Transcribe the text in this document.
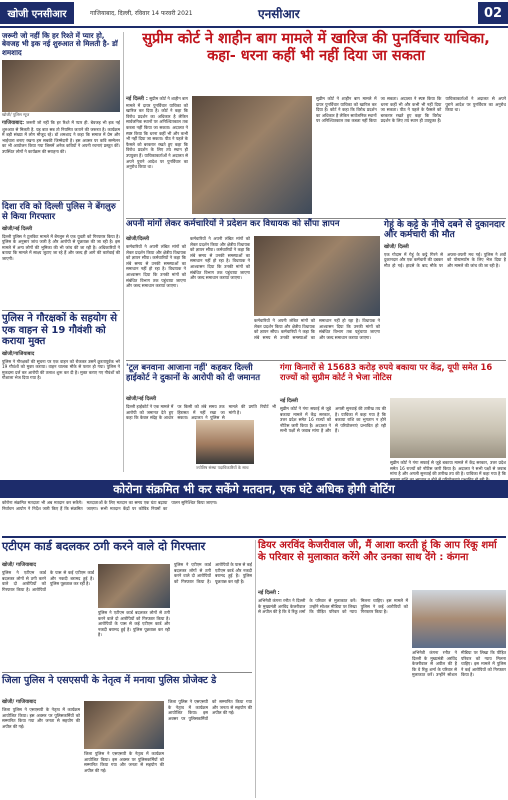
खोजी एनसीआर	गाजियाबाद, दिल्ली, रविवार 14 फरवरी 2021	एनसीआर	02
जरूरी जो नहीं कि हर रिश्ते में प्यार हो, बेवजह भी इक नई शुरुआत से मिलती है- डॉ शमशाद
खोजी/ पुलिस न्यूज
गाजियाबाद: जरूरी जो नहीं कि हर रिश्ते में प्यार ही. बेवजह भी इक नई शुरुआत से मिलती है. यह बात सब तो नियमित जताने की जरूरत है। कार्यक्रम में बड़ी संख्या में लोग मौजूद रहे। डॉ शमशाद ने कहा कि समाज में प्रेम और भाईचारा बनाए रखना हम सबकी जिम्मेदारी है। इस अवसर पर कवि सम्मेलन का भी आयोजन किया गया जिसमें अनेक कवियों ने अपनी रचनाएं प्रस्तुत कीं। उपस्थित लोगों ने कार्यक्रम की सराहना की।
दिशा रवि को दिल्ली पुलिस ने बेंगलुरु से किया गिरफ्तार
खोजी/नई दिल्ली
दिल्ली पुलिस ने टूलकिट मामले में बेंगलुरु से एक युवती को गिरफ्तार किया है। पुलिस के अनुसार जांच जारी है और आरोपी से पूछताछ की जा रही है। इस मामले में अन्य लोगों की भूमिका की भी जांच की जा रही है। अधिकारियों ने बताया कि मामले में साक्ष्य जुटाए जा रहे हैं और जल्द ही आगे की कार्रवाई की जाएगी।
पुलिस ने गौरक्षकों के सहयोग से एक वाहन से 19 गौवंशी को कराया मुक्त
खोजी/गाजियाबाद
पुलिस ने गौरक्षकों की सूचना पर एक वाहन को रोककर उसमें क्रूरतापूर्वक भरे 19 गौवंशों को मुक्त कराया। वाहन चालक मौके से फरार हो गया। पुलिस ने मुकदमा दर्ज कर आरोपी की तलाश शुरू कर दी है। मुक्त कराए गए गौवंशों को गौशाला भेज दिया गया है।
सुप्रीम कोर्ट ने शाहीन बाग मामले में खारिज की पुनर्विचार याचिका, कहा- धरना कहीं भी नहीं दिया जा सकता
नई दिल्ली : सुप्रीम कोर्ट ने शाहीन बाग मामले में दायर पुनर्विचार याचिका को खारिज कर दिया है। कोर्ट ने कहा कि विरोध प्रदर्शन का अधिकार है लेकिन सार्वजनिक स्थानों पर अनिश्चितकाल तक कब्जा नहीं किया जा सकता। अदालत ने स्पष्ट किया कि धरना कहीं भी और कभी भी नहीं दिया जा सकता। पीठ ने पहले के फैसले को बरकरार रखते हुए कहा कि विरोध प्रदर्शन के लिए तय स्थान ही उपयुक्त हैं। याचिकाकर्ताओं ने अदालत से अपने पुराने आदेश पर पुनर्विचार का अनुरोध किया था।
सुप्रीम कोर्ट ने शाहीन बाग मामले में दायर पुनर्विचार याचिका को खारिज कर दिया है। कोर्ट ने कहा कि विरोध प्रदर्शन का अधिकार है लेकिन सार्वजनिक स्थानों पर अनिश्चितकाल तक कब्जा नहीं किया जा सकता। अदालत ने स्पष्ट किया कि धरना कहीं भी और कभी भी नहीं दिया जा सकता। पीठ ने पहले के फैसले को बरकरार रखते हुए कहा कि विरोध प्रदर्शन के लिए तय स्थान ही उपयुक्त हैं। याचिकाकर्ताओं ने अदालत से अपने पुराने आदेश पर पुनर्विचार का अनुरोध किया था।
अपनी मांगों लेकर कर्मचारियों ने प्रदेशन कर विधायक को सौंपा ज्ञापन
खोजी/दिल्ली
कर्मचारियों ने अपनी लंबित मांगों को लेकर प्रदर्शन किया और क्षेत्रीय विधायक को ज्ञापन सौंपा। कर्मचारियों ने कहा कि लंबे समय से उनकी समस्याओं का समाधान नहीं हो रहा है। विधायक ने आश्वासन दिया कि उनकी मांगों को संबंधित विभाग तक पहुंचाया जाएगा और जल्द समाधान कराया जाएगा।
कर्मचारियों ने अपनी लंबित मांगों को लेकर प्रदर्शन किया और क्षेत्रीय विधायक को ज्ञापन सौंपा। कर्मचारियों ने कहा कि लंबे समय से उनकी समस्याओं का समाधान नहीं हो रहा है। विधायक ने आश्वासन दिया कि उनकी मांगों को संबंधित विभाग तक पहुंचाया जाएगा और जल्द समाधान कराया जाएगा।
कर्मचारियों ने अपनी लंबित मांगों को लेकर प्रदर्शन किया और क्षेत्रीय विधायक को ज्ञापन सौंपा। कर्मचारियों ने कहा कि लंबे समय से उनकी समस्याओं का समाधान नहीं हो रहा है। विधायक ने आश्वासन दिया कि उनकी मांगों को संबंधित विभाग तक पहुंचाया जाएगा और जल्द समाधान कराया जाएगा।
गेहूं के कट्टे के नीचे दबने से दुकानदार और कर्मचारी की मौत
खोजी/ दिल्ली
एक गोदाम में गेहूं के कट्टे गिरने से दुकानदार और एक कर्मचारी की दबकर मौत हो गई। हादसे के बाद मौके पर अफरा-तफरी मच गई। पुलिस ने शवों को पोस्टमार्टम के लिए भेज दिया है और मामले की जांच की जा रही है।
'टूल बनवाना आजाना नहीं' कहकर दिल्ली हाईकोर्ट ने दुकानों के आरोपी को दी जमानत
खोजी/नई दिल्ली
दिल्ली हाईकोर्ट ने एक मामले में आरोपी को जमानत देते हुए कहा कि केवल संदेह के आधार पर किसी को लंबे समय तक हिरासत में नहीं रखा जा सकता। अदालत ने पुलिस से मामले की प्रगति रिपोर्ट भी मांगी है।
ज्योतिष संस्था पदाधिकारियों के साथ
गंगा किनारों से 15683 करोड़ रुपये बकाया पर केंद्र, यूपी समेत 16 राज्यों को सुप्रीम कोर्ट ने भेजा नोटिस
नई दिल्ली
सुप्रीम कोर्ट ने गंगा सफाई से जुड़े बकाया मामले में केंद्र सरकार, उत्तर प्रदेश समेत 16 राज्यों को नोटिस जारी किया है। अदालत ने सभी पक्षों से जवाब मांगा है और अगली सुनवाई की तारीख तय की है। याचिका में कहा गया है कि बकाया राशि का भुगतान न होने से परियोजनाएं प्रभावित हो रही हैं।
सुप्रीम कोर्ट ने गंगा सफाई से जुड़े बकाया मामले में केंद्र सरकार, उत्तर प्रदेश समेत 16 राज्यों को नोटिस जारी किया है। अदालत ने सभी पक्षों से जवाब मांगा है और अगली सुनवाई की तारीख तय की है। याचिका में कहा गया है कि
कोरोना संक्रमित भी कर सकेंगे मतदान, एक घंटे अधिक होगी वोटिंग
कोरोना संक्रमित मतदाता भी अब मतदान कर सकेंगे। निर्वाचन आयोग ने निर्देश जारी किए हैं कि संक्रमित मतदाताओं के लिए मतदान का समय एक घंटा बढ़ाया जाएगा। सभी मतदान केंद्रों पर कोविड नियमों का पालन सुनिश्चित किया जाएगा।
एटीएम कार्ड बदलकर ठगी करने वाले दो गिरफ्तार
खोजी/ गाजियाबाद
पुलिस ने एटीएम कार्ड बदलकर लोगों से ठगी करने वाले दो आरोपियों को गिरफ्तार किया है। आरोपियों के पास से कई एटीएम कार्ड और नकदी बरामद हुई है। पुलिस पूछताछ कर रही है।
पुलिस ने एटीएम कार्ड बदलकर लोगों से ठगी करने वाले दो आरोपियों को गिरफ्तार किया है। आरोपियों के पास से कई एटीएम कार्ड और नकदी बरामद हुई है। पुलिस पूछताछ कर रही है।
पुलिस ने एटीएम कार्ड बदलकर लोगों से ठगी करने वाले दो आरोपियों को गिरफ्तार किया है। आरोपियों के पास से कई एटीएम कार्ड और नकदी बरामद हुई है। पुलिस पूछताछ कर रही है।
जिला पुलिस ने एसएसपी के नेतृत्व में मनाया पुलिस प्रोजेक्ट डे
खोजी/ गाजियाबाद
जिला पुलिस ने एसएसपी के नेतृत्व में कार्यक्रम आयोजित किया। इस अवसर पर पुलिसकर्मियों को सम्मानित किया गया और जनता से सहयोग की अपील की गई।
जिला पुलिस ने एसएसपी के नेतृत्व में कार्यक्रम आयोजित किया। इस अवसर पर पुलिसकर्मियों को सम्मानित किया गया और जनता से सहयोग की अपील की गई।
जिला पुलिस ने एसएसपी के नेतृत्व में कार्यक्रम आयोजित किया। इस अवसर पर पुलिसकर्मियों को सम्मानित किया गया और जनता से सहयोग की अपील की गई।
डियर अरविंद केजरीवाल जी, मैं आशा करती हूं कि आप रिंकू शर्मा के परिवार से मुलाकात करेंगे और उनका साथ देंगे : कंगना
नई दिल्ली :
अभिनेत्री कंगना रनौत ने दिल्ली के मुख्यमंत्री अरविंद केजरीवाल से अपील की है कि वे रिंकू शर्मा के परिवार से मुलाकात करें। उन्होंने सोशल मीडिया पर लिखा कि पीड़ित परिवार को न्याय मिलना चाहिए। इस मामले में पुलिस ने कई आरोपियों को गिरफ्तार किया है।
अभिनेत्री कंगना रनौत ने दिल्ली के मुख्यमंत्री अरविंद केजरीवाल से अपील की है कि वे रिंकू शर्मा के परिवार से मुलाकात करें। उन्होंने सोशल मीडिया पर लिखा कि पीड़ित परिवार को न्याय मिलना चाहिए। इस मामले में पुलिस ने कई आरोपियों को गिरफ्तार किया है।
